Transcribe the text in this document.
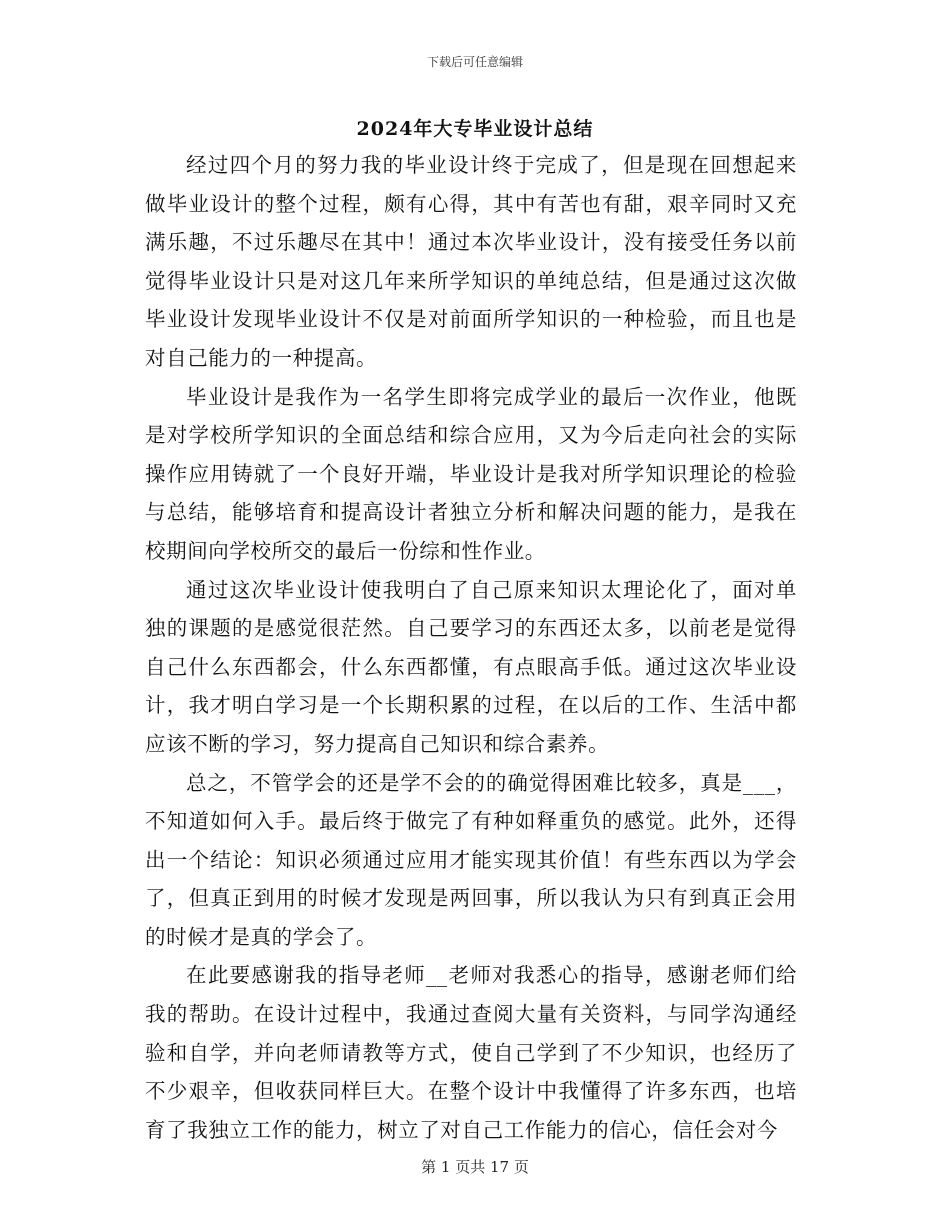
下载后可任意编辑
2024年大专毕业设计总结

经过四个月的努力我的毕业设计终于完成了，但是现在回想起来做毕业设计的整个过程，颇有心得，其中有苦也有甜，艰辛同时又充满乐趣，不过乐趣尽在其中！通过本次毕业设计，没有接受任务以前觉得毕业设计只是对这几年来所学知识的单纯总结，但是通过这次做毕业设计发现毕业设计不仅是对前面所学知识的一种检验，而且也是对自己能力的一种提高。

毕业设计是我作为一名学生即将完成学业的最后一次作业，他既是对学校所学知识的全面总结和综合应用，又为今后走向社会的实际操作应用铸就了一个良好开端，毕业设计是我对所学知识理论的检验与总结，能够培育和提高设计者独立分析和解决问题的能力，是我在校期间向学校所交的最后一份综和性作业。

通过这次毕业设计使我明白了自己原来知识太理论化了，面对单独的课题的是感觉很茫然。自己要学习的东西还太多，以前老是觉得自己什么东西都会，什么东西都懂，有点眼高手低。通过这次毕业设计，我才明白学习是一个长期积累的过程，在以后的工作、生活中都应该不断的学习，努力提高自己知识和综合素养。

总之，不管学会的还是学不会的的确觉得困难比较多，真是___，不知道如何入手。最后终于做完了有种如释重负的感觉。此外，还得出一个结论：知识必须通过应用才能实现其价值！有些东西以为学会了，但真正到用的时候才发现是两回事，所以我认为只有到真正会用的时候才是真的学会了。

在此要感谢我的指导老师__老师对我悉心的指导，感谢老师们给我的帮助。在设计过程中，我通过查阅大量有关资料，与同学沟通经验和自学，并向老师请教等方式，使自己学到了不少知识，也经历了不少艰辛，但收获同样巨大。在整个设计中我懂得了许多东西，也培育了我独立工作的能力，树立了对自己工作能力的信心，信任会对今

第 1 页共 17 页
